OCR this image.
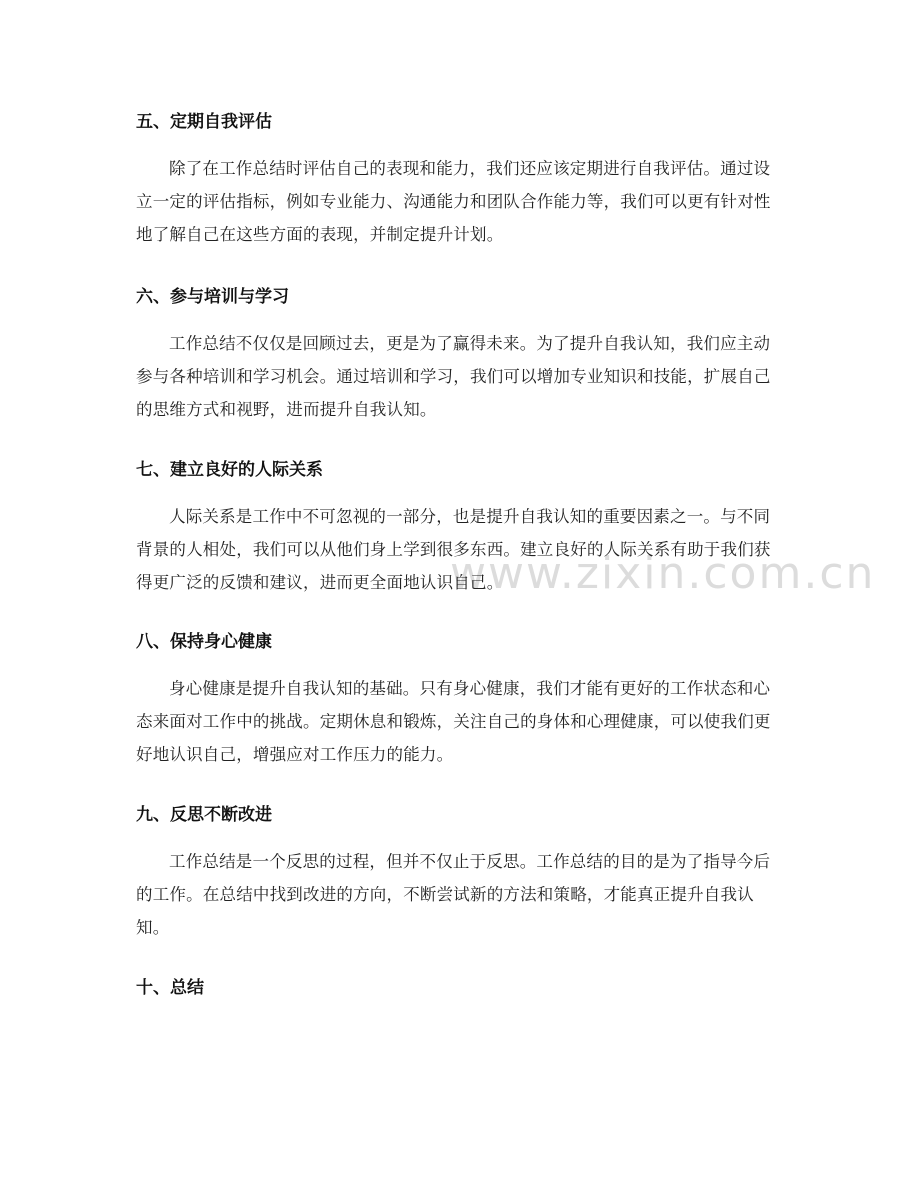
www.zixin.com.cn
五、定期自我评估

除了在工作总结时评估自己的表现和能力，我们还应该定期进行自我评估。通过设立一定的评估指标，例如专业能力、沟通能力和团队合作能力等，我们可以更有针对性地了解自己在这些方面的表现，并制定提升计划。

六、参与培训与学习

工作总结不仅仅是回顾过去，更是为了赢得未来。为了提升自我认知，我们应主动参与各种培训和学习机会。通过培训和学习，我们可以增加专业知识和技能，扩展自己的思维方式和视野，进而提升自我认知。

七、建立良好的人际关系

人际关系是工作中不可忽视的一部分，也是提升自我认知的重要因素之一。与不同背景的人相处，我们可以从他们身上学到很多东西。建立良好的人际关系有助于我们获得更广泛的反馈和建议，进而更全面地认识自己。

八、保持身心健康

身心健康是提升自我认知的基础。只有身心健康，我们才能有更好的工作状态和心态来面对工作中的挑战。定期休息和锻炼，关注自己的身体和心理健康，可以使我们更好地认识自己，增强应对工作压力的能力。

九、反思不断改进

工作总结是一个反思的过程，但并不仅止于反思。工作总结的目的是为了指导今后的工作。在总结中找到改进的方向，不断尝试新的方法和策略，才能真正提升自我认知。

十、总结
